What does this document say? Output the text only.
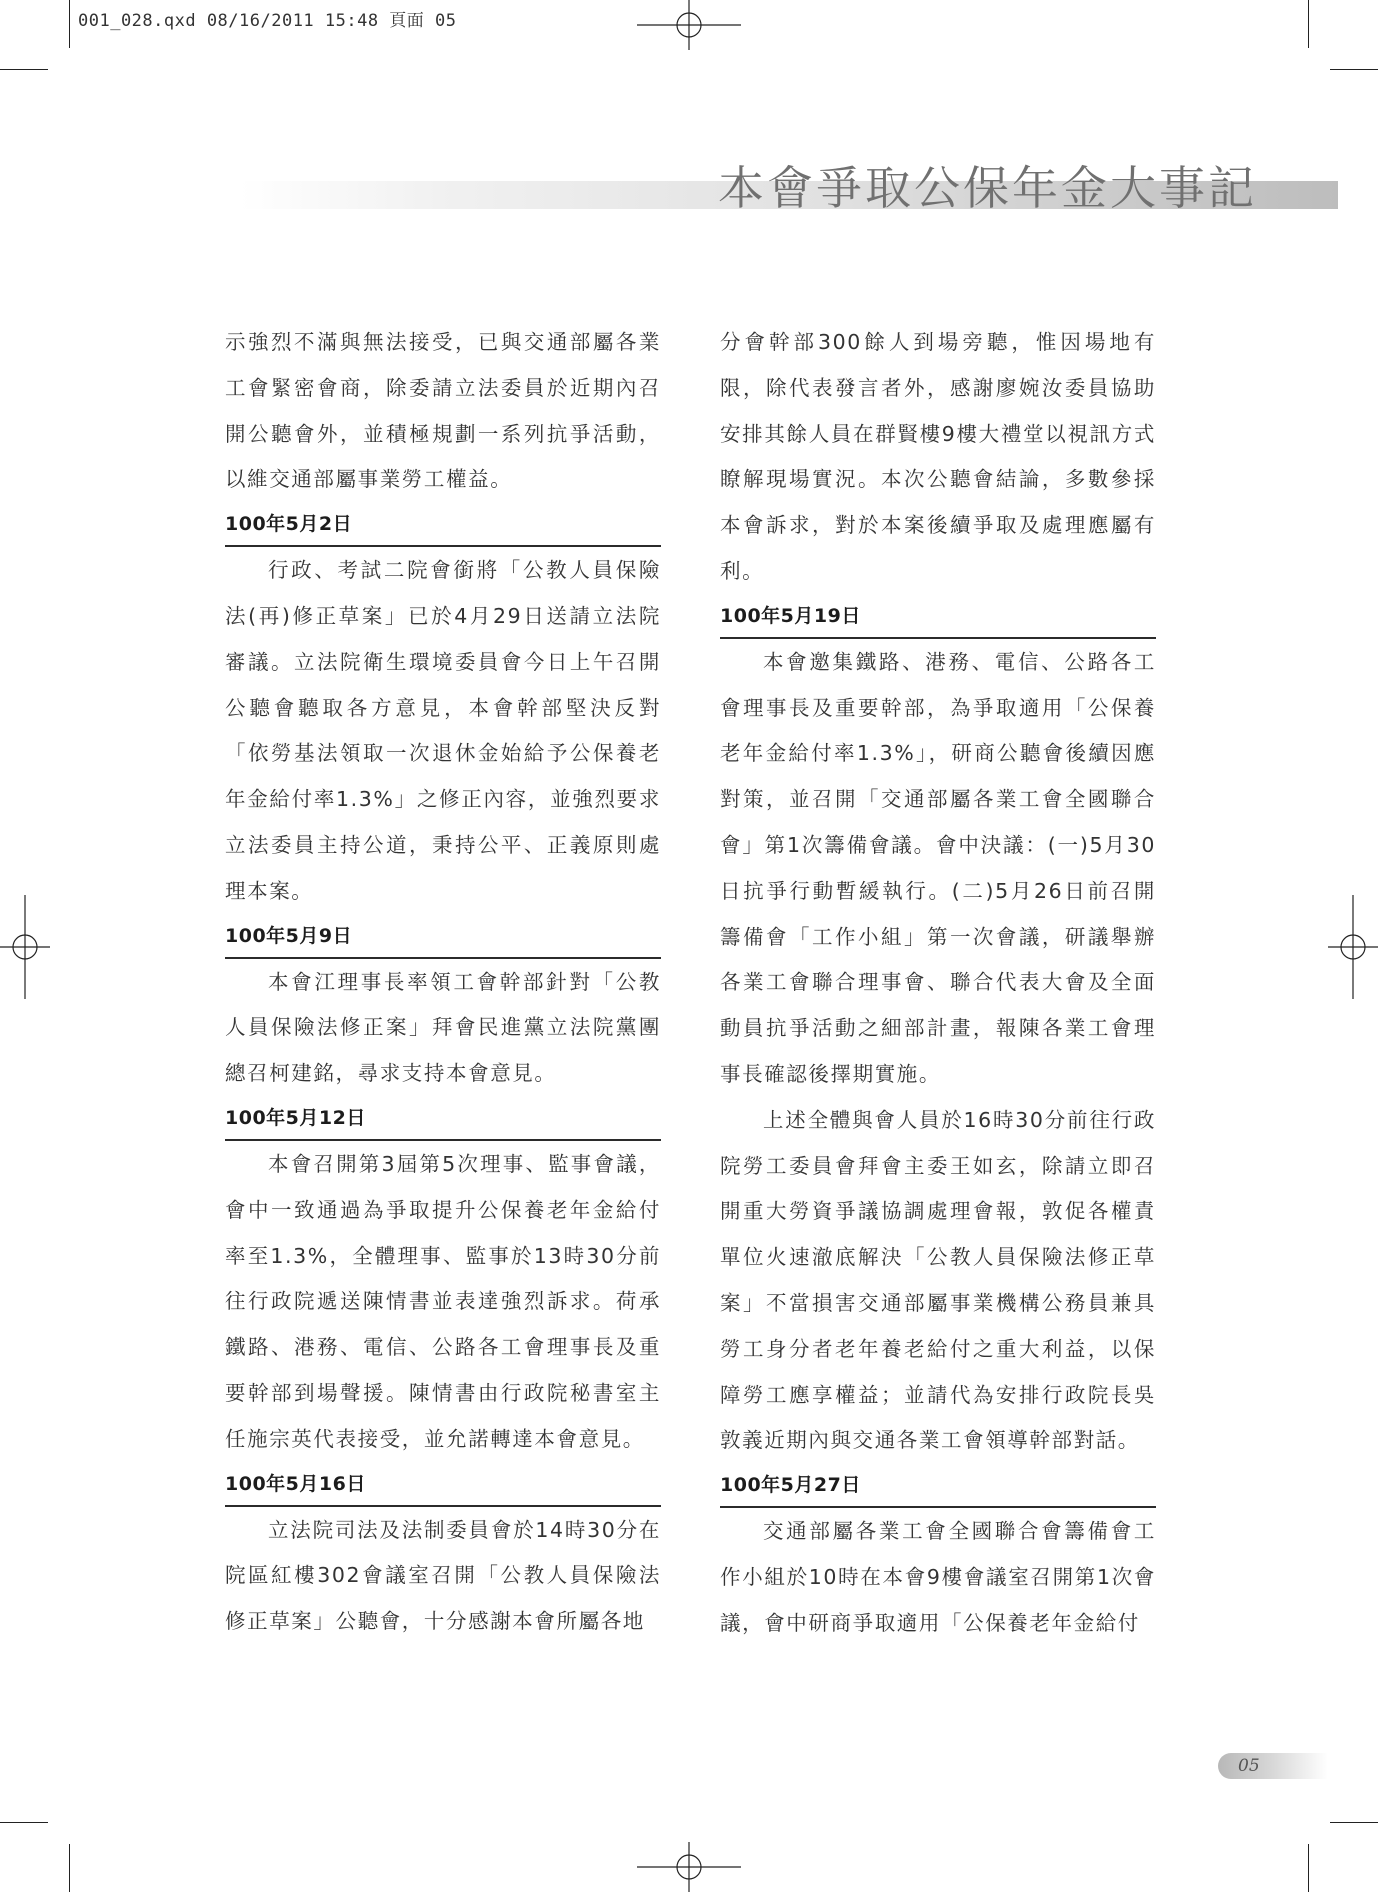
001_028.qxd 08/16/2011 15:48 頁面 05
本會爭取公保年金大事記
示強烈不滿與無法接受，已與交通部屬各業工會緊密會商，除委請立法委員於近期內召開公聽會外，並積極規劃一系列抗爭活動，以維交通部屬事業勞工權益。
100年5月2日
行政、考試二院會銜將「公教人員保險法(再)修正草案」已於4月29日送請立法院審議。立法院衛生環境委員會今日上午召開公聽會聽取各方意見，本會幹部堅決反對「依勞基法領取一次退休金始給予公保養老年金給付率1.3%」之修正內容，並強烈要求立法委員主持公道，秉持公平、正義原則處理本案。
100年5月9日
本會江理事長率領工會幹部針對「公教人員保險法修正案」拜會民進黨立法院黨團總召柯建銘，尋求支持本會意見。
100年5月12日
本會召開第3屆第5次理事、監事會議，會中一致通過為爭取提升公保養老年金給付率至1.3%，全體理事、監事於13時30分前往行政院遞送陳情書並表達強烈訴求。荷承鐵路、港務、電信、公路各工會理事長及重要幹部到場聲援。陳情書由行政院秘書室主任施宗英代表接受，並允諾轉達本會意見。
100年5月16日
立法院司法及法制委員會於14時30分在院區紅樓302會議室召開「公教人員保險法修正草案」公聽會，十分感謝本會所屬各地
分會幹部300餘人到場旁聽，惟因場地有限，除代表發言者外，感謝廖婉汝委員協助安排其餘人員在群賢樓9樓大禮堂以視訊方式瞭解現場實況。本次公聽會結論，多數參採本會訴求，對於本案後續爭取及處理應屬有利。
100年5月19日
本會邀集鐵路、港務、電信、公路各工會理事長及重要幹部，為爭取適用「公保養老年金給付率1.3%」，研商公聽會後續因應對策，並召開「交通部屬各業工會全國聯合會」第1次籌備會議。會中決議：(一)5月30日抗爭行動暫緩執行。(二)5月26日前召開籌備會「工作小組」第一次會議，研議舉辦各業工會聯合理事會、聯合代表大會及全面動員抗爭活動之細部計畫，報陳各業工會理事長確認後擇期實施。
上述全體與會人員於16時30分前往行政院勞工委員會拜會主委王如玄，除請立即召開重大勞資爭議協調處理會報，敦促各權責單位火速澈底解決「公教人員保險法修正草案」不當損害交通部屬事業機構公務員兼具勞工身分者老年養老給付之重大利益，以保障勞工應享權益；並請代為安排行政院長吳敦義近期內與交通各業工會領導幹部對話。
100年5月27日
交通部屬各業工會全國聯合會籌備會工作小組於10時在本會9樓會議室召開第1次會議，會中研商爭取適用「公保養老年金給付
05
